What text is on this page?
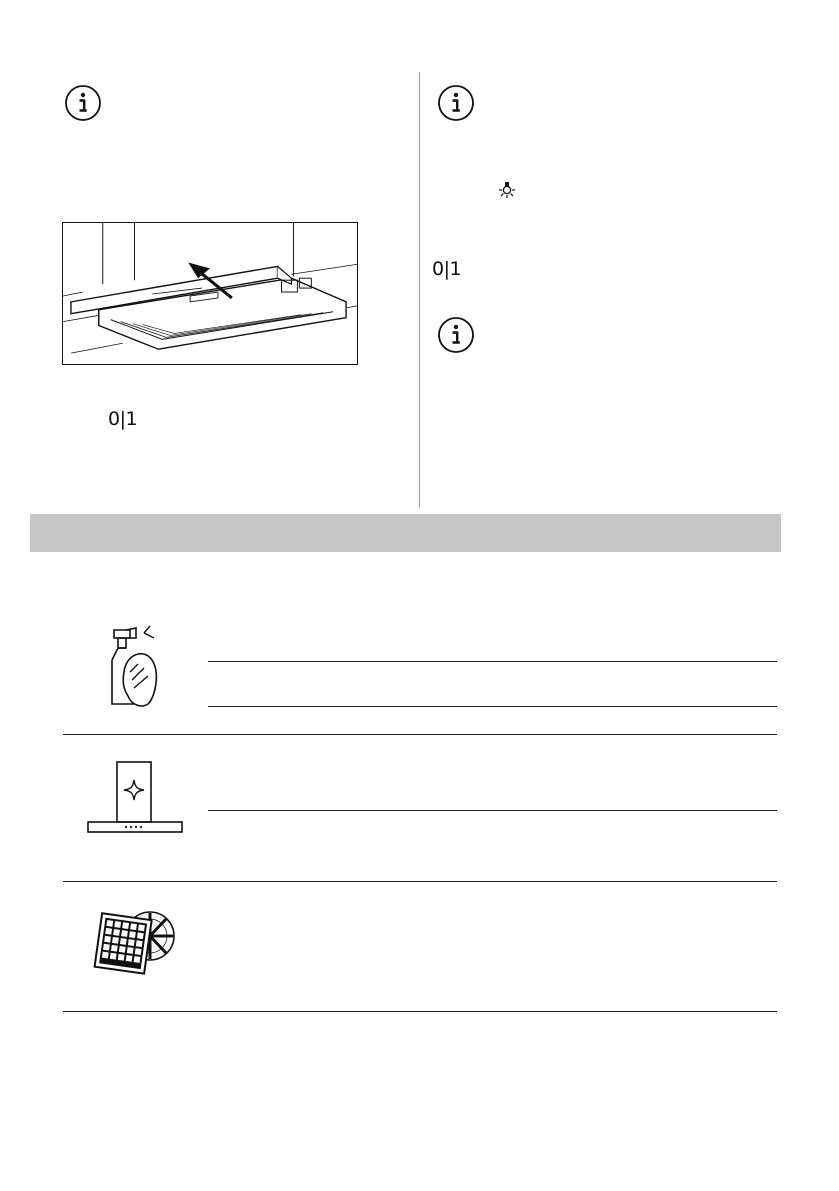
0|1
0|1
